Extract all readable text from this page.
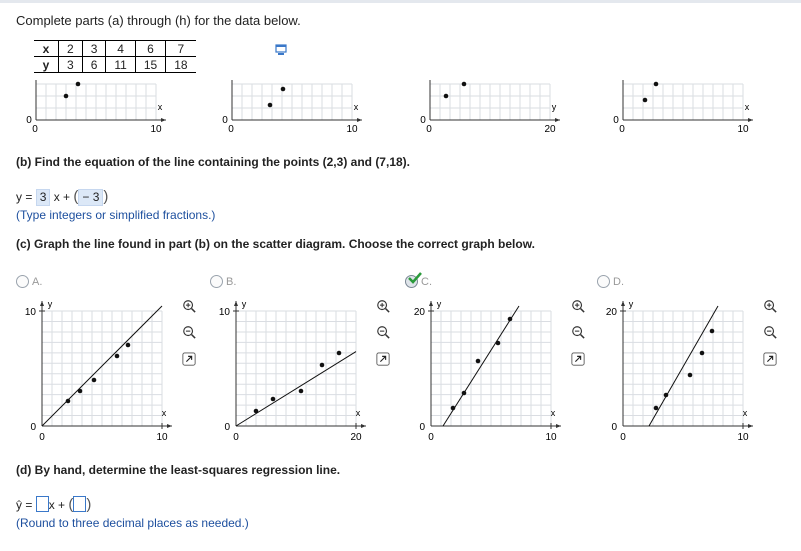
Complete parts (a) through (h) for the data below.
x	2	3	4	6	7
y	3	6	11	15	18
0	10
0
x
0	10
0
x
0	20
0
y
0	10
0
x
(b) Find the equation of the line containing the points (2,3) and (7,18).
y = 3 x + ( − 3 )
(Type integers or simplified fractions.)
(c) Graph the line found in part (b) on the scatter diagram. Choose the correct graph below.
A.
10
0
0	10
x
y
B.
10
0
0	20
x
y
C.
20
0
0	10
x
y
D.
20
0
0	10
x
y
(d) By hand, determine the least-squares regression line.
ŷ = x + ( )
(Round to three decimal places as needed.)
